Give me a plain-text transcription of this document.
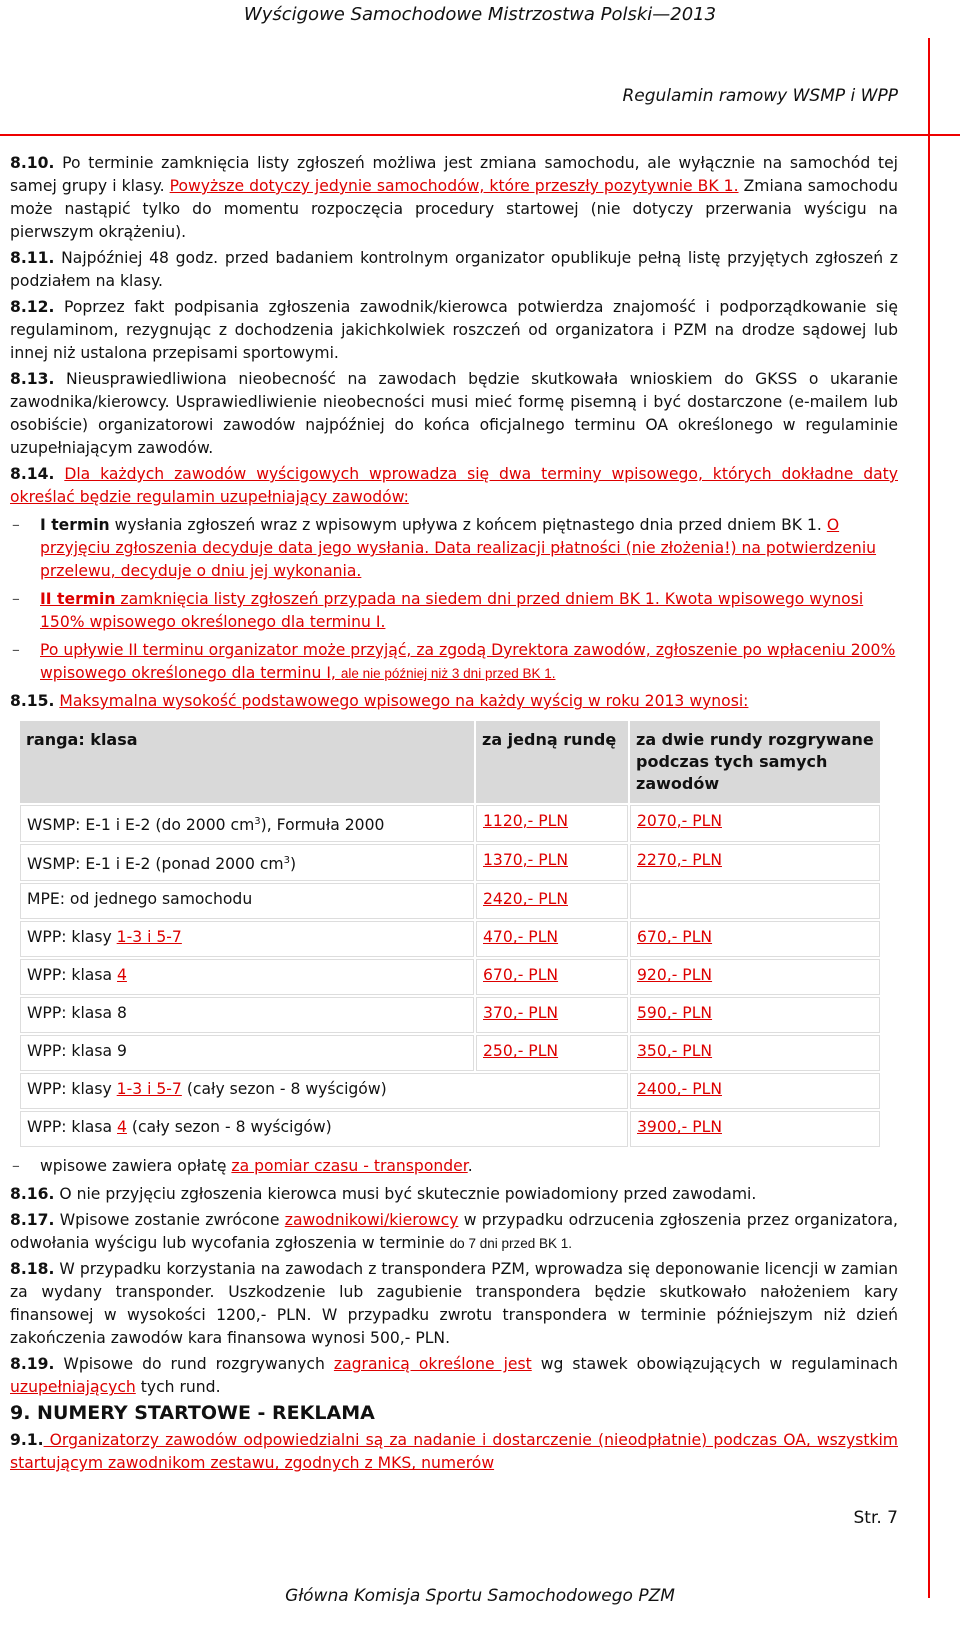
Wyścigowe Samochodowe Mistrzostwa Polski—2013
Regulamin ramowy WSMP i WPP

8.10. Po terminie zamknięcia listy zgłoszeń możliwa jest zmiana samochodu, ale wyłącznie na samochód tej samej grupy i klasy. Powyższe dotyczy jedynie samochodów, które przeszły pozytywnie BK 1. Zmiana samochodu może nastąpić tylko do momentu rozpoczęcia procedury startowej (nie dotyczy przerwania wyścigu na pierwszym okrążeniu).

8.11. Najpóźniej 48 godz. przed badaniem kontrolnym organizator opublikuje pełną listę przyjętych zgłoszeń z podziałem na klasy.

8.12. Poprzez fakt podpisania zgłoszenia zawodnik/kierowca potwierdza znajomość i podporządkowanie się regulaminom, rezygnując z dochodzenia jakichkolwiek roszczeń od organizatora i PZM na drodze sądowej lub innej niż ustalona przepisami sportowymi.

8.13. Nieusprawiedliwiona nieobecność na zawodach będzie skutkowała wnioskiem do GKSS o ukaranie zawodnika/kierowcy. Usprawiedliwienie nieobecności musi mieć formę pisemną i być dostarczone (e-mailem lub osobiście) organizatorowi zawodów najpóźniej do końca oficjalnego terminu OA określonego w regulaminie uzupełniającym zawodów.

8.14. Dla każdych zawodów wyścigowych wprowadza się dwa terminy wpisowego, których dokładne daty określać będzie regulamin uzupełniający zawodów:

– I termin wysłania zgłoszeń wraz z wpisowym upływa z końcem piętnastego dnia przed dniem BK 1. O przyjęciu zgłoszenia decyduje data jego wysłania. Data realizacji płatności (nie złożenia!) na potwierdzeniu przelewu, decyduje o dniu jej wykonania.
– II termin zamknięcia listy zgłoszeń przypada na siedem dni przed dniem BK 1. Kwota wpisowego wynosi 150% wpisowego określonego dla terminu I.
– Po upływie II terminu organizator może przyjąć, za zgodą Dyrektora zawodów, zgłoszenie po wpłaceniu 200% wpisowego określonego dla terminu I, ale nie później niż 3 dni przed BK 1.

8.15. Maksymalna wysokość podstawowego wpisowego na każdy wyścig w roku 2013 wynosi:

ranga: klasa	za jedną rundę	za dwie rundy rozgrywane podczas tych samych zawodów
WSMP: E-1 i E-2 (do 2000 $cm^3$), Formuła 2000	1120,- PLN	2070,- PLN
WSMP: E-1 i E-2 (ponad 2000 $cm^3$)	1370,- PLN	2270,- PLN
MPE: od jednego samochodu	2420,- PLN	
WPP: klasy 1-3 i 5-7	470,- PLN	670,- PLN
WPP: klasa 4	670,- PLN	920,- PLN
WPP: klasa 8	370,- PLN	590,- PLN
WPP: klasa 9	250,- PLN	350,- PLN
WPP: klasy 1-3 i 5-7 (cały sezon - 8 wyścigów)		2400,- PLN
WPP: klasa 4 (cały sezon - 8 wyścigów)		3900,- PLN
– wpisowe zawiera opłatę za pomiar czasu - transponder.

8.16. O nie przyjęciu zgłoszenia kierowca musi być skutecznie powiadomiony przed zawodami.

8.17. Wpisowe zostanie zwrócone zawodnikowi/kierowcy w przypadku odrzucenia zgłoszenia przez organizatora, odwołania wyścigu lub wycofania zgłoszenia w terminie do 7 dni przed BK 1.

8.18. W przypadku korzystania na zawodach z transpondera PZM, wprowadza się deponowanie licencji w zamian za wydany transponder. Uszkodzenie lub zagubienie transpondera będzie skutkowało nałożeniem kary finansowej w wysokości 1200,- PLN. W przypadku zwrotu transpondera w terminie późniejszym niż dzień zakończenia zawodów kara finansowa wynosi 500,- PLN.

8.19. Wpisowe do rund rozgrywanych zagranicą określone jest wg stawek obowiązujących w regulaminach uzupełniających tych rund.

9. NUMERY STARTOWE - REKLAMA

9.1. Organizatorzy zawodów odpowiedzialni są za nadanie i dostarczenie (nieodpłatnie) podczas OA, wszystkim startującym zawodnikom zestawu, zgodnych z MKS, numerów

Str. 7
Główna Komisja Sportu Samochodowego PZM
